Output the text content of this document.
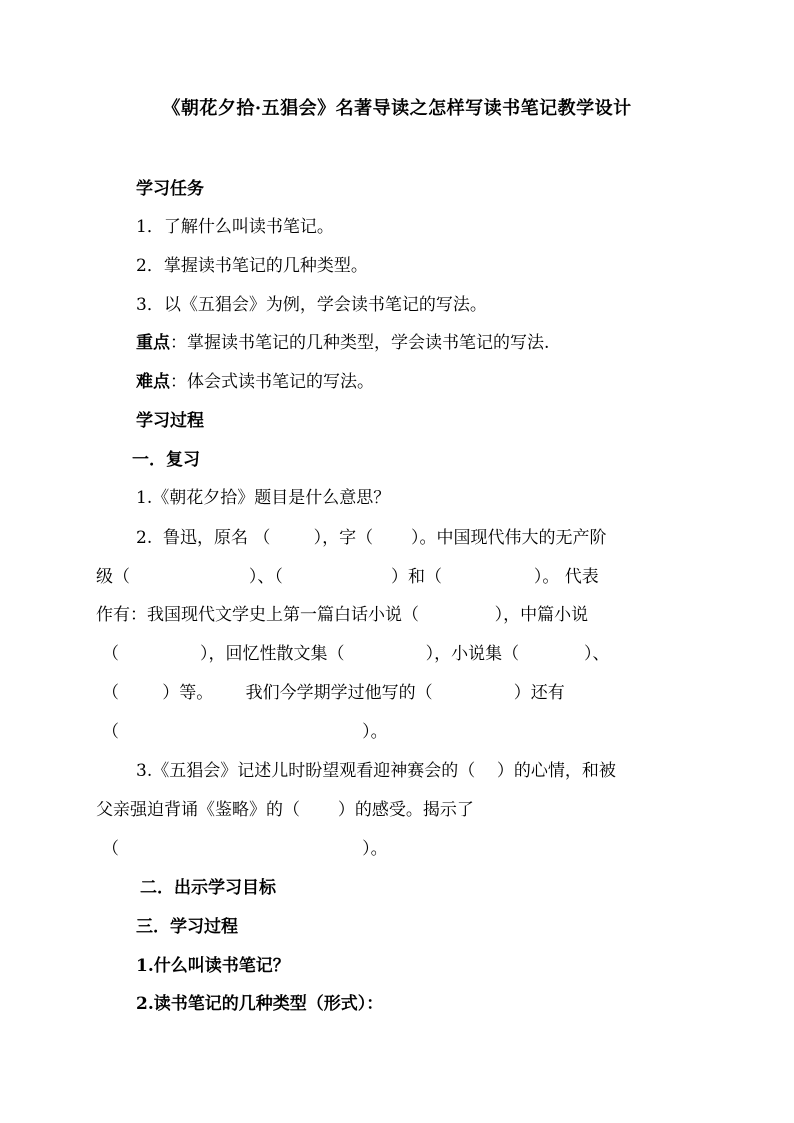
《朝花夕拾·五猖会》名著导读之怎样写读书笔记教学设计
学习任务
1．了解什么叫读书笔记。
2．掌握读书笔记的几种类型。
3．以《五猖会》为例，学会读书笔记的写法。
重点：掌握读书笔记的几种类型，学会读书笔记的写法.
难点：体会式读书笔记的写法。
学习过程
一．复习
1.《朝花夕拾》题目是什么意思？
2.  鲁迅，原名 （        ），字（       ）。中国现代伟大的无产阶
级（                      ）、（                    ）和（                 ）。 代表
作有：我国现代文学史上第一篇白话小说（              ），中篇小说
（               ），回忆性散文集（               ），小说集（            ）、
（        ）等。      我们今学期学过他写的（               ）还有
（                                             ）。
3.《五猖会》记述儿时盼望观看迎神赛会的（    ）的心情，和被
父亲强迫背诵《鉴略》的（       ）的感受。揭示了
（                                             ）。
二．出示学习目标
三．学习过程
1.什么叫读书笔记？
2.读书笔记的几种类型（形式）：
